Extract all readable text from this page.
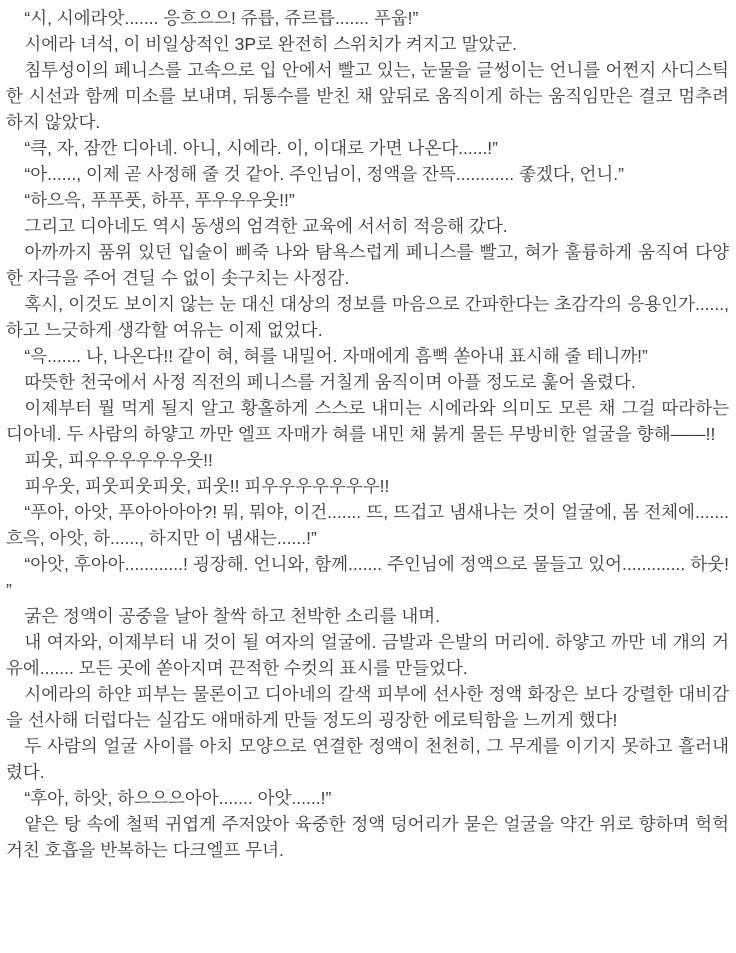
“시, 시에라앗....... 응흐으으! 쥬릅, 쥬르릅....... 푸웁!”

시에라 녀석, 이 비일상적인 3P로 완전히 스위치가 켜지고 말았군.

침투성이의 페니스를 고속으로 입 안에서 빨고 있는, 눈물을 글썽이는 언니를 어쩐지 사디스틱한 시선과 함께 미소를 보내며, 뒤통수를 받친 채 앞뒤로 움직이게 하는 움직임만은 결코 멈추려 하지 않았다.

“큭, 자, 잠깐 디아네. 아니, 시에라. 이, 이대로 가면 나온다......!”

“아......, 이제 곧 사정해 줄 것 같아. 주인님이, 정액을 잔뜩............ 좋겠다, 언니.”

“하으윽, 푸푸풋, 하푸, 푸우우우웃!!”

그리고 디아네도 역시 동생의 엄격한 교육에 서서히 적응해 갔다.

아까까지 품위 있던 입술이 삐죽 나와 탐욕스럽게 페니스를 빨고, 혀가 훌륭하게 움직여 다양한 자극을 주어 견딜 수 없이 솟구치는 사정감.

혹시, 이것도 보이지 않는 눈 대신 대상의 정보를 마음으로 간파한다는 초감각의 응용인가......, 하고 느긋하게 생각할 여유는 이제 없었다.

“윽....... 나, 나온다!! 같이 혀, 혀를 내밀어. 자매에게 흠뻑 쏟아내 표시해 줄 테니까!”

따뜻한 천국에서 사정 직전의 페니스를 거칠게 움직이며 아플 정도로 훑어 올렸다.

이제부터 뭘 먹게 될지 알고 황홀하게 스스로 내미는 시에라와 의미도 모른 채 그걸 따라하는 디아네. 두 사람의 하얗고 까만 엘프 자매가 혀를 내민 채 붉게 물든 무방비한 얼굴을 향해——!!

피웃, 피우우우우우우웃!!

피우웃, 피웃피웃피웃, 피웃!! 피우우우우우우우!!

“푸아, 아앗, 푸아아아아?! 뭐, 뭐야, 이건....... 뜨, 뜨겁고 냄새나는 것이 얼굴에, 몸 전체에....... 흐윽, 아앗, 하......, 하지만 이 냄새는......!”

“아앗, 후아아............! 굉장해. 언니와, 함께....... 주인님에 정액으로 물들고 있어............. 하웃!”

굵은 정액이 공중을 날아 찰싹 하고 천박한 소리를 내며.

내 여자와, 이제부터 내 것이 될 여자의 얼굴에. 금발과 은발의 머리에. 하얗고 까만 네 개의 거유에....... 모든 곳에 쏟아지며 끈적한 수컷의 표시를 만들었다.

시에라의 하얀 피부는 물론이고 디아네의 갈색 피부에 선사한 정액 화장은 보다 강렬한 대비감을 선사해 더럽다는 실감도 애매하게 만들 정도의 굉장한 에로틱함을 느끼게 했다!

두 사람의 얼굴 사이를 아치 모양으로 연결한 정액이 천천히, 그 무게를 이기지 못하고 흘러내렸다.

“후아, 하앗, 하으으으아아....... 아앗......!”

얕은 탕 속에 철퍽 귀엽게 주저앉아 육중한 정액 덩어리가 묻은 얼굴을 약간 위로 향하며 헉헉 거친 호흡을 반복하는 다크엘프 무녀.
